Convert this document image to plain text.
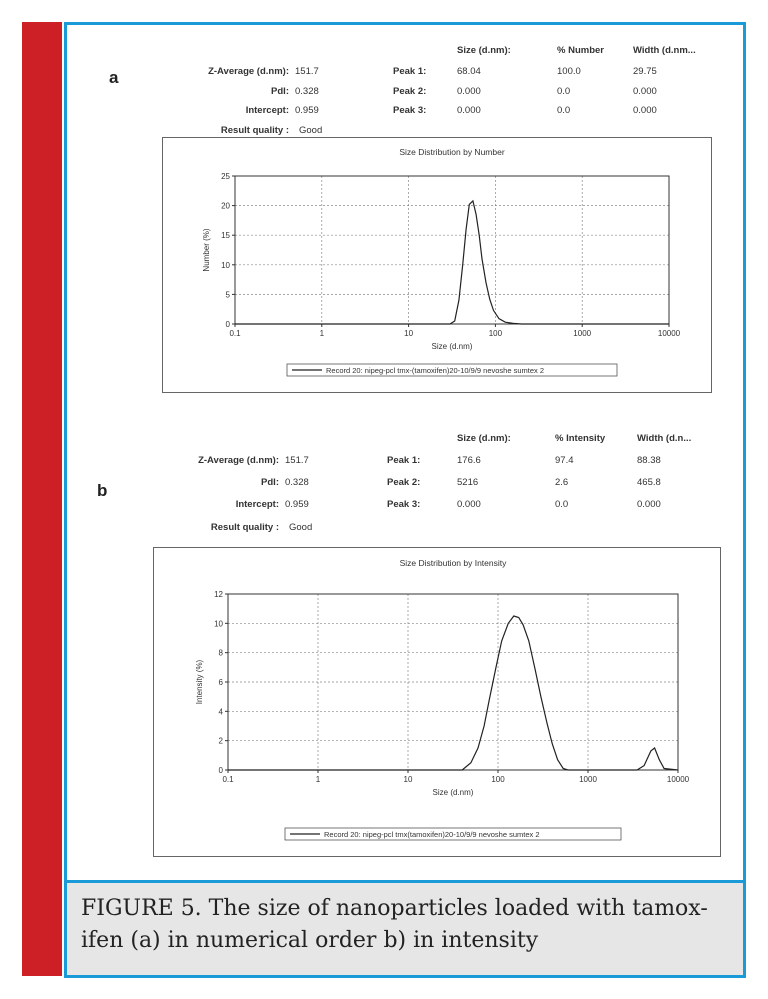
a
Size (d.nm):	% Number	Width (d.nm...
Z-Average (d.nm): 151.7
PdI: 0.328
Intercept: 0.959
Result quality : Good
Peak 1:	68.04	100.0	29.75
Peak 2:	0.000	0.0	0.000
Peak 3:	0.000	0.0	0.000
Size Distribution by Number
0.1	1	10	100	1000	10000
0
5
10
15
20
25
Size (d.nm)
Number (%)
Record 20: nipeg-pcl tmx-(tamoxifen)20-10/9/9 nevoshe sumtex 2
b
Size (d.nm):	% Intensity	Width (d.n...
Z-Average (d.nm): 151.7
PdI: 0.328
Intercept: 0.959
Result quality : Good
Peak 1:	176.6	97.4	88.38
Peak 2:	5216	2.6	465.8
Peak 3:	0.000	0.0	0.000
Size Distribution by Intensity
0.1	1	10	100	1000	10000
0
2
4
6
8
10
12
Size (d.nm)
Intensity (%)
Record 20: nipeg-pcl tmx(tamoxifen)20-10/9/9 nevoshe sumtex 2
FIGURE 5. The size of nanoparticles loaded with tamox-ifen (a) in numerical order b) in intensity
